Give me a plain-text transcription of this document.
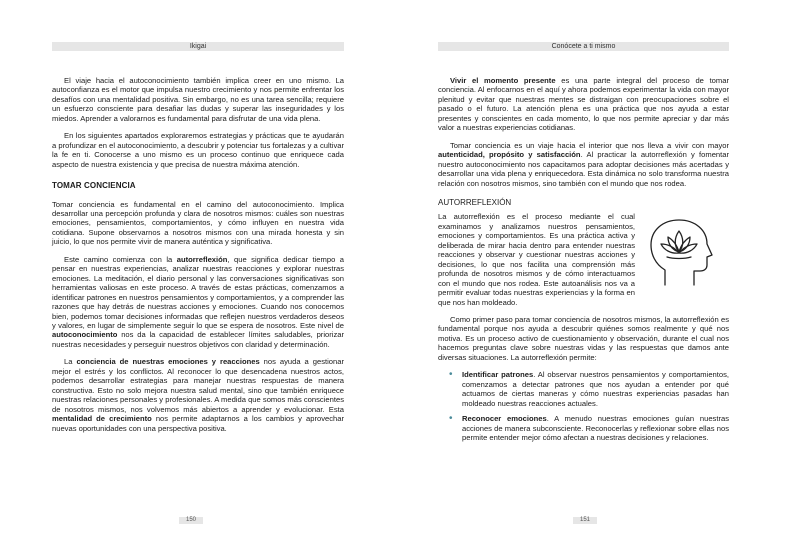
Ikigai

El viaje hacia el autoconocimiento también implica creer en uno mismo. La autoconfianza es el motor que impulsa nuestro crecimiento y nos permite enfrentar los desafíos con una mentalidad positiva. Sin embargo, no es una tarea sencilla; requiere un esfuerzo consciente para desafiar las dudas y superar las inseguridades y los miedos. Aprender a valorarnos es fundamental para disfrutar de una vida plena.

En los siguientes apartados exploraremos estrategias y prácticas que te ayudarán a profundizar en el autoconocimiento, a descubrir y potenciar tus fortalezas y a cultivar la fe en ti. Conocerse a uno mismo es un proceso continuo que enriquece cada aspecto de nuestra existencia y que precisa de nuestra máxima atención.

TOMAR CONCIENCIA

Tomar conciencia es fundamental en el camino del autoconocimiento. Implica desarrollar una percepción profunda y clara de nosotros mismos: cuáles son nuestras emociones, pensamientos, comportamientos, y cómo influyen en nuestra vida cotidiana. Supone observarnos a nosotros mismos con una mirada honesta y sin juicio, lo que nos permite vivir de manera auténtica y significativa.

Este camino comienza con la autorreflexión, que significa dedicar tiempo a pensar en nuestras experiencias, analizar nuestras reacciones y explorar nuestras emociones. La meditación, el diario personal y las conversaciones significativas son herramientas valiosas en este proceso. A través de estas prácticas, comenzamos a identificar patrones en nuestros pensamientos y comportamientos, y a comprender las razones que hay detrás de nuestras acciones y emociones. Cuando nos conocemos bien, podemos tomar decisiones informadas que reflejen nuestros verdaderos deseos y valores, en lugar de simplemente seguir lo que se espera de nosotros. Este nivel de autoconocimiento nos da la capacidad de establecer límites saludables, priorizar nuestras necesidades y perseguir nuestros objetivos con claridad y determinación.

La conciencia de nuestras emociones y reacciones nos ayuda a gestionar mejor el estrés y los conflictos. Al reconocer lo que desencadena nuestros actos, podemos desarrollar estrategias para manejar nuestras respuestas de manera constructiva. Esto no solo mejora nuestra salud mental, sino que también enriquece nuestras relaciones personales y profesionales. A medida que somos más conscientes de nosotros mismos, nos volvemos más abiertos a aprender y evolucionar. Esta mentalidad de crecimiento nos permite adaptarnos a los cambios y aprovechar nuevas oportunidades con una perspectiva positiva.

150
Conócete a ti mismo

Vivir el momento presente es una parte integral del proceso de tomar conciencia. Al enfocarnos en el aquí y ahora podemos experimentar la vida con mayor plenitud y evitar que nuestras mentes se distraigan con preocupaciones sobre el pasado o el futuro. La atención plena es una práctica que nos ayuda a estar presentes y conscientes en cada momento, lo que nos permite apreciar y dar más valor a nuestras experiencias cotidianas.

Tomar conciencia es un viaje hacia el interior que nos lleva a vivir con mayor autenticidad, propósito y satisfacción. Al practicar la autorreflexión y fomentar nuestro autoconocimiento nos capacitamos para adoptar decisiones más acertadas y desarrollar una vida plena y enriquecedora. Esta dinámica no solo transforma nuestra relación con nosotros mismos, sino también con el mundo que nos rodea.

AUTORREFLEXIÓN

La autorreflexión es el proceso mediante el cual examinamos y analizamos nuestros pensamientos, emociones y comportamientos. Es una práctica activa y deliberada de mirar hacia dentro para entender nuestras reacciones y observar y cuestionar nuestras acciones y decisiones, lo que nos facilita una comprensión más profunda de nosotros mismos y de cómo interactuamos con el mundo que nos rodea. Este autoanálisis nos va a permitir evaluar todas nuestras experiencias y la forma en que nos han moldeado.

Como primer paso para tomar conciencia de nosotros mismos, la autorreflexión es fundamental porque nos ayuda a descubrir quiénes somos realmente y qué nos motiva. Es un proceso activo de cuestionamiento y observación, durante el cual nos hacemos preguntas clave sobre nuestras vidas y las respuestas que damos ante diversas situaciones. La autorreflexión permite:

• Identificar patrones. Al observar nuestros pensamientos y comportamientos, comenzamos a detectar patrones que nos ayudan a entender por qué actuamos de ciertas maneras y cómo nuestras experiencias pasadas han moldeado nuestras reacciones actuales.
• Reconocer emociones. A menudo nuestras emociones guían nuestras acciones de manera subconsciente. Reconocerlas y reflexionar sobre ellas nos permite entender mejor cómo afectan a nuestras decisiones y relaciones.
151
